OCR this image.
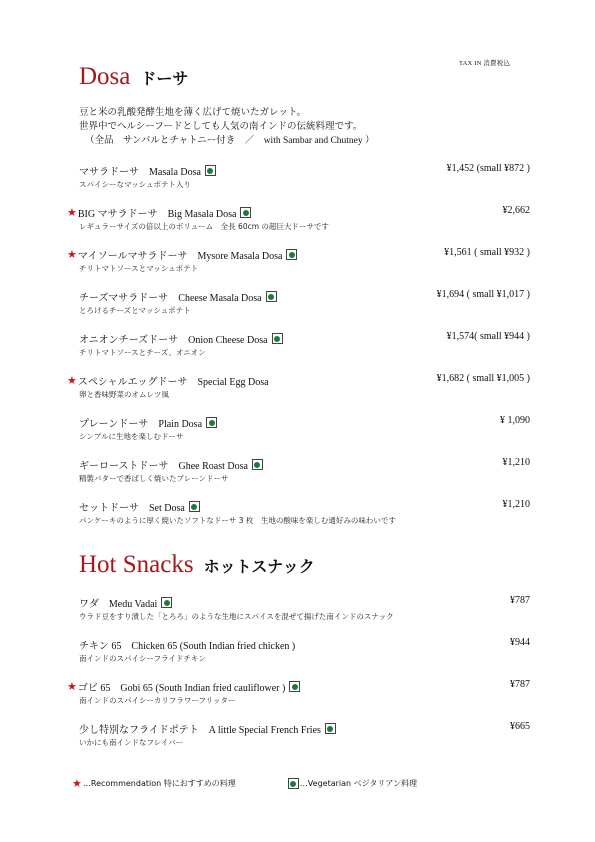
TAX IN 消費税込
Dosa ドーサ
豆と米の乳酸発酵生地を薄く広げて焼いたガレット。
世界中でヘルシーフードとしても人気の南インドの伝統料理です。
（全品　サンバルとチャトニー付き　／　with Sambar and Chutney ）
マサラドーサ　Masala Dosa	¥1,452 (small ¥872 )
スパイシーなマッシュポテト入り
★ BIG マサラドーサ　Big Masala Dosa	¥2,662
レギュラーサイズの倍以上のボリューム　全長 60cm の超巨大ドーサです
★ マイソールマサラドーサ　Mysore Masala Dosa	¥1,561 ( small ¥932 )
チリトマトソースとマッシュポテト
チーズマサラドーサ　Cheese Masala Dosa	¥1,694 ( small ¥1,017 )
とろけるチーズとマッシュポテト
オニオンチーズドーサ　Onion Cheese Dosa	¥1,574( small ¥944 )
チリトマトソースとチーズ、オニオン
★ スペシャルエッグドーサ　Special Egg Dosa	¥1,682 ( small ¥1,005 )
卵と香味野菜のオムレツ風
プレーンドーサ　Plain Dosa	¥ 1,090
シンプルに生地を楽しむドーサ
ギーローストドーサ　Ghee Roast Dosa	¥1,210
精製バターで香ばしく焼いたプレーンドーサ
セットドーサ　Set Dosa	¥1,210
パンケーキのように厚く焼いたソフトなドーサ 3 枚　生地の酸味を楽しむ通好みの味わいです
Hot Snacks ホットスナック
ワダ　Medu Vadai	¥787
ウラド豆をすり潰した「とろろ」のような生地にスパイスを混ぜて揚げた南インドのスナック
チキン 65　Chicken 65 (South Indian fried chicken )	¥944
南インドのスパイシーフライドチキン
★ ゴビ 65　Gobi 65 (South Indian fried cauliflower )	¥787
南インドのスパイシーカリフラワーフリッター
少し特別なフライドポテト　A little Special French Fries	¥665
いかにも南インドなフレイバー
★ …Recommendation 特におすすめの料理	…Vegetarian ベジタリアン料理
